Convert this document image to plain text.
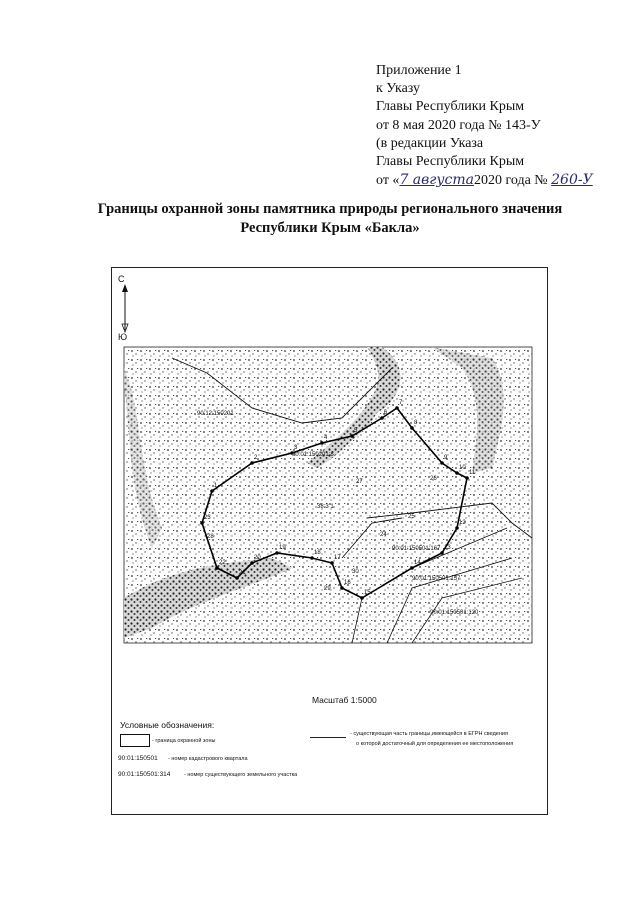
Приложение 1
к Указу
Главы Республики Крым
от 8 мая 2020 года № 143-У
(в редакции Указа
Главы Республики Крым
от «7 августа2020 года № 260-У
Границы охранной зоны памятника природы регионального значения
Республики Крым «Бакла»
С
Ю
1
2
3
4
5
6
7
8
9
10
11
12
13
14
15
16
17
18
19
20
21
22
23
24
25
26
27
28
29
30
90:12:150201
38:3 1
90:01:150501:167
90:01:150501:157
90:01:150501:120
90:01:150201:8
Масштаб 1:5000
Условные обозначения:
- граница охранной зоны
- существующая часть границы,имеющейся в ЕГРН сведения
о которой достаточный для определения ее местоположения
90:01:150501 - номер кадастрового квартала
90:01:150501:314 - номер существующего земельного участка
